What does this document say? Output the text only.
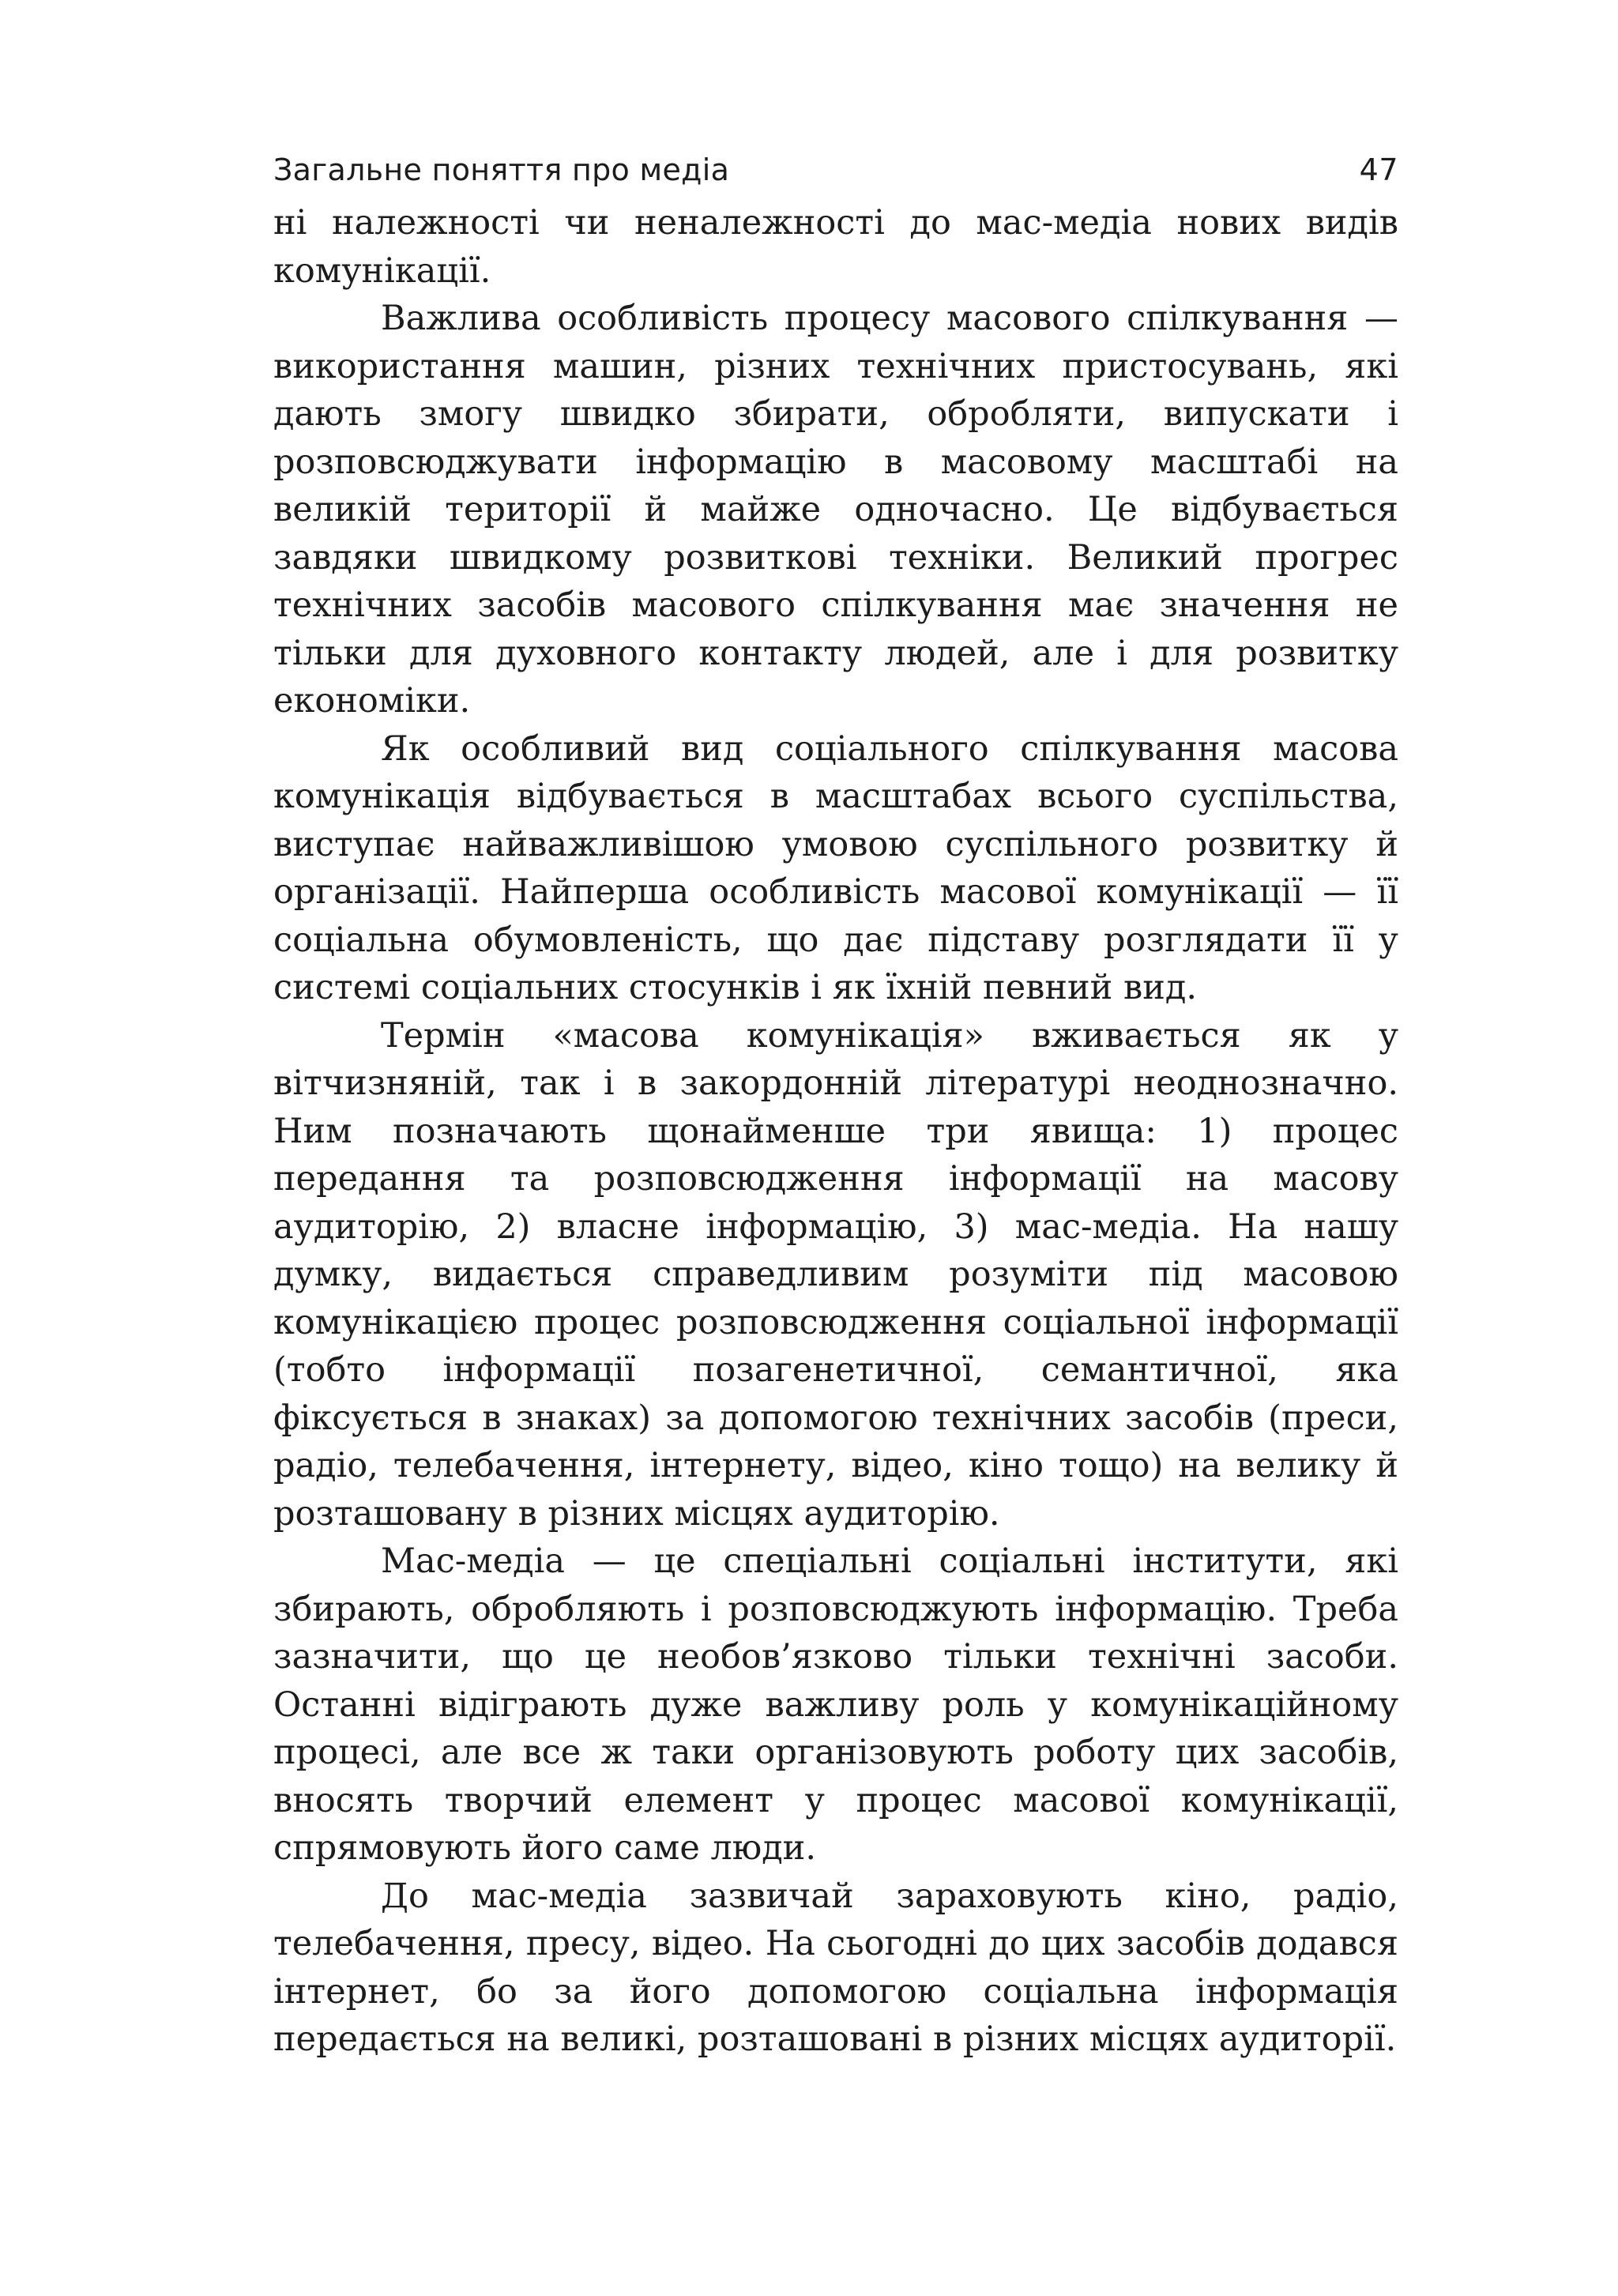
Загальне поняття про медіа	47

ні належності чи неналежності до мас-медіа нових видів комунікації.

Важлива особливість процесу масового спілкування — використання машин, різних технічних пристосувань, які дають змогу швидко збирати, обробляти, випускати і розповсюджувати інформацію в масовому масштабі на великій території й майже одночасно. Це відбувається завдяки швидкому розвиткові техніки. Великий прогрес технічних засобів масового спілкування має значення не тільки для духовного контакту людей, але і для розвитку економіки.

Як особливий вид соціального спілкування масова комунікація відбувається в масштабах всього суспільства, виступає найважливішою умовою суспільного розвитку й організації. Найперша особливість масової комунікації — її соціальна обумовленість, що дає підставу розглядати її у системі соціальних стосунків і як їхній певний вид.

Термін «масова комунікація» вживається як у вітчизняній, так і в закордонній літературі неоднозначно. Ним позначають щонайменше три явища: 1) процес передання та розповсюдження інформації на масову аудиторію, 2) власне інформацію, 3) мас-медіа. На нашу думку, видається справедливим розуміти під масовою комунікацією процес розповсюдження соціальної інформації (тобто інформації позагенетичної, семантичної, яка фіксується в знаках) за допомогою технічних засобів (преси, радіо, телебачення, інтернету, відео, кіно тощо) на велику й розташовану в різних місцях аудиторію.

Мас-медіа — це спеціальні соціальні інститути, які збирають, обробляють і розповсюджують інформацію. Треба зазначити, що це необов’язково тільки технічні засоби. Останні відіграють дуже важливу роль у комунікаційному процесі, але все ж таки організовують роботу цих засобів, вносять творчий елемент у процес масової комунікації, спрямовують його саме люди.

До мас-медіа зазвичай зараховують кіно, радіо, телебачення, пресу, відео. На сьогодні до цих засобів додався інтернет, бо за його допомогою соціальна інформація передається на великі, розташовані в різних місцях аудиторії.
